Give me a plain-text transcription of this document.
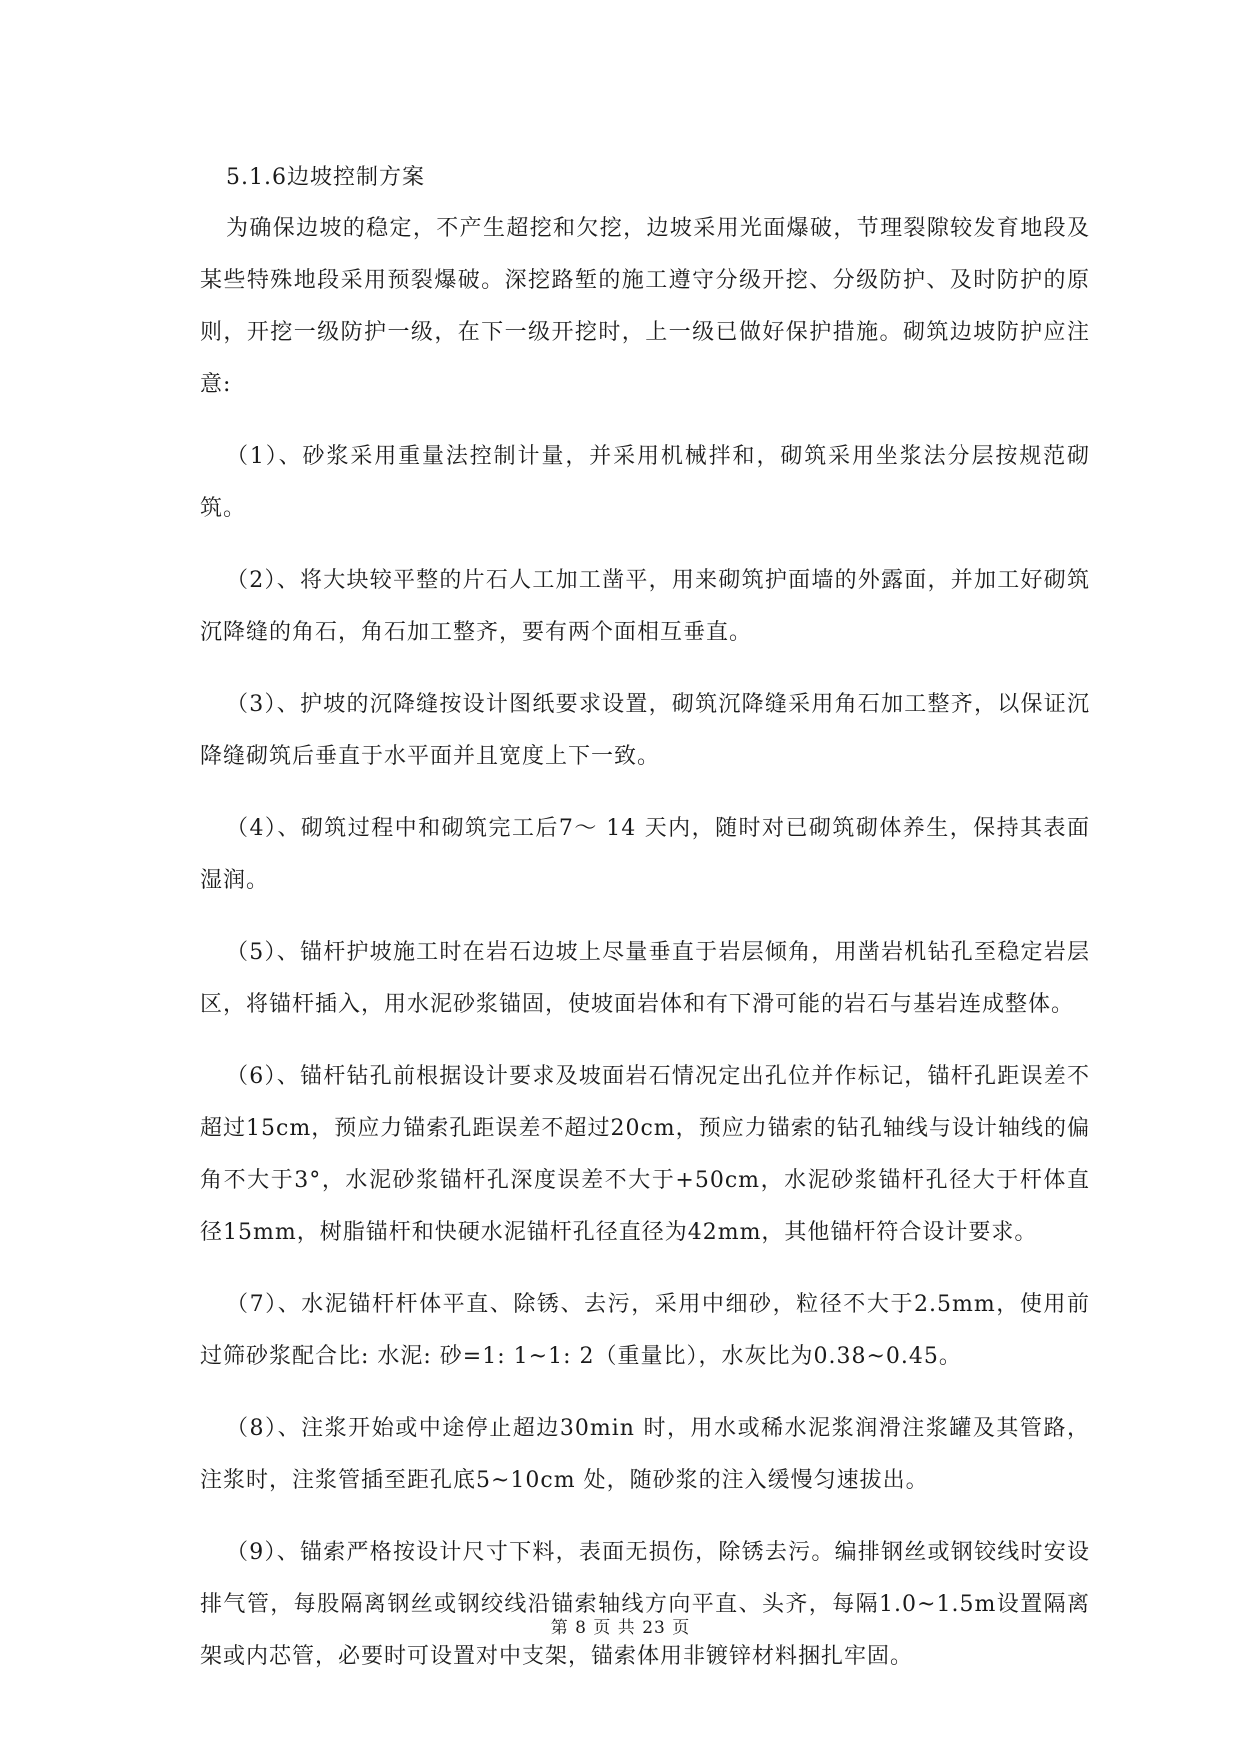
5.1.6边坡控制方案

为确保边坡的稳定，不产生超挖和欠挖，边坡采用光面爆破，节理裂隙较发育地段及某些特殊地段采用预裂爆破。深挖路堑的施工遵守分级开挖、分级防护、及时防护的原则，开挖一级防护一级，在下一级开挖时，上一级已做好保护措施。砌筑边坡防护应注意:

（1）、砂浆采用重量法控制计量，并采用机械拌和，砌筑采用坐浆法分层按规范砌筑。

（2）、将大块较平整的片石人工加工凿平，用来砌筑护面墙的外露面，并加工好砌筑沉降缝的角石，角石加工整齐，要有两个面相互垂直。

（3）、护坡的沉降缝按设计图纸要求设置，砌筑沉降缝采用角石加工整齐，以保证沉降缝砌筑后垂直于水平面并且宽度上下一致。

（4）、砌筑过程中和砌筑完工后7～ 14 天内，随时对已砌筑砌体养生，保持其表面湿润。

（5）、锚杆护坡施工时在岩石边坡上尽量垂直于岩层倾角，用凿岩机钻孔至稳定岩层区，将锚杆插入，用水泥砂浆锚固，使坡面岩体和有下滑可能的岩石与基岩连成整体。

（6）、锚杆钻孔前根据设计要求及坡面岩石情况定出孔位并作标记，锚杆孔距误差不超过15cm，预应力锚索孔距误差不超过20cm，预应力锚索的钻孔轴线与设计轴线的偏角不大于3°，水泥砂浆锚杆孔深度误差不大于+50cm，水泥砂浆锚杆孔径大于杆体直径15mm，树脂锚杆和快硬水泥锚杆孔径直径为42mm，其他锚杆符合设计要求。

（7）、水泥锚杆杆体平直、除锈、去污，采用中细砂，粒径不大于2.5mm，使用前过筛砂浆配合比: 水泥: 砂=1: 1~1: 2（重量比），水灰比为0.38~0.45。

（8）、注浆开始或中途停止超边30min 时，用水或稀水泥浆润滑注浆罐及其管路，注浆时，注浆管插至距孔底5~10cm 处，随砂浆的注入缓慢匀速拔出。

（9）、锚索严格按设计尺寸下料，表面无损伤，除锈去污。编排钢丝或钢铰线时安设排气管，每股隔离钢丝或钢绞线沿锚索轴线方向平直、头齐，每隔1.0~1.5m设置隔离架或内芯管，必要时可设置对中支架，锚索体用非镀锌材料捆扎牢固。

第 8 页 共 23 页
